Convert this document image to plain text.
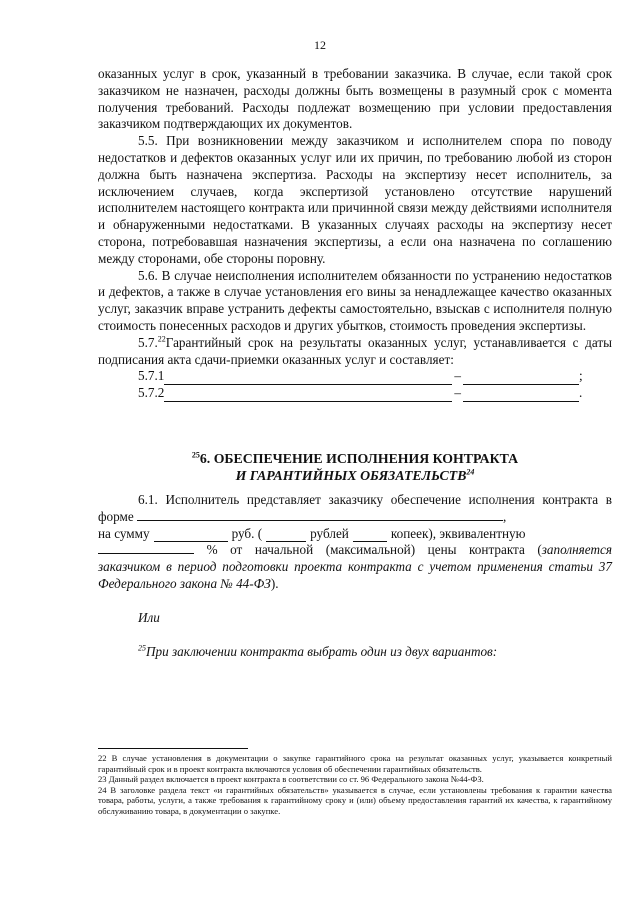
12

оказанных услуг в срок, указанный в требовании заказчика. В случае, если такой срок заказчиком не назначен, расходы должны быть возмещены в разумный срок с момента получения требований. Расходы подлежат возмещению при условии предоставления заказчиком подтверждающих их документов.

5.5. При возникновении между заказчиком и исполнителем спора по поводу недостатков и дефектов оказанных услуг или их причин, по требованию любой из сторон должна быть назначена экспертиза. Расходы на экспертизу несет исполнитель, за исключением случаев, когда экспертизой установлено отсутствие нарушений исполнителем настоящего контракта или причинной связи между действиями исполнителя и обнаруженными недостатками. В указанных случаях расходы на экспертизу несет сторона, потребовавшая назначения экспертизы, а если она назначена по соглашению между сторонами, обе стороны поровну.

5.6. В случае неисполнения исполнителем обязанности по устранению недостатков и дефектов, а также в случае установления его вины за ненадлежащее качество оказанных услуг, заказчик вправе устранить дефекты самостоятельно, взыскав с исполнителя полную стоимость понесенных расходов и других убытков, стоимость проведения экспертизы.

5.7.22Гарантийный срок на результаты оказанных услуг, устанавливается с даты подписания акта сдачи-приемки оказанных услуг и составляет:

5.7.1	–	;
5.7.2	–	.
$^{25}$6. ОБЕСПЕЧЕНИЕ ИСПОЛНЕНИЯ КОНТРАКТА
И ГАРАНТИЙНЫХ ОБЯЗАТЕЛЬСТВ$^{24}$

6.1. Исполнитель представляет заказчику обеспечение исполнения контракта в форме	,

на сумму	руб. (	рублей	копеек), эквивалентную

% от начальной (максимальной) цены контракта (заполняется заказчиком в период подготовки проекта контракта с учетом применения статьи 37 Федерального закона № 44-ФЗ).

Или

$^{25}$При заключении контракта выбрать один из двух вариантов:

22 В случае установления в документации о закупке гарантийного срока на результат оказанных услуг, указывается конкретный гарантийный срок и в проект контракта включаются условия об обеспечении гарантийных обязательств.

23 Данный раздел включается в проект контракта в соответствии со ст. 96 Федерального закона №44-ФЗ.

24 В заголовке раздела текст «и гарантийных обязательств» указывается в случае, если установлены требования к гарантии качества товара, работы, услуги, а также требования к гарантийному сроку и (или) объему предоставления гарантий их качества, к гарантийному обслуживанию товара, в документации о закупке.
